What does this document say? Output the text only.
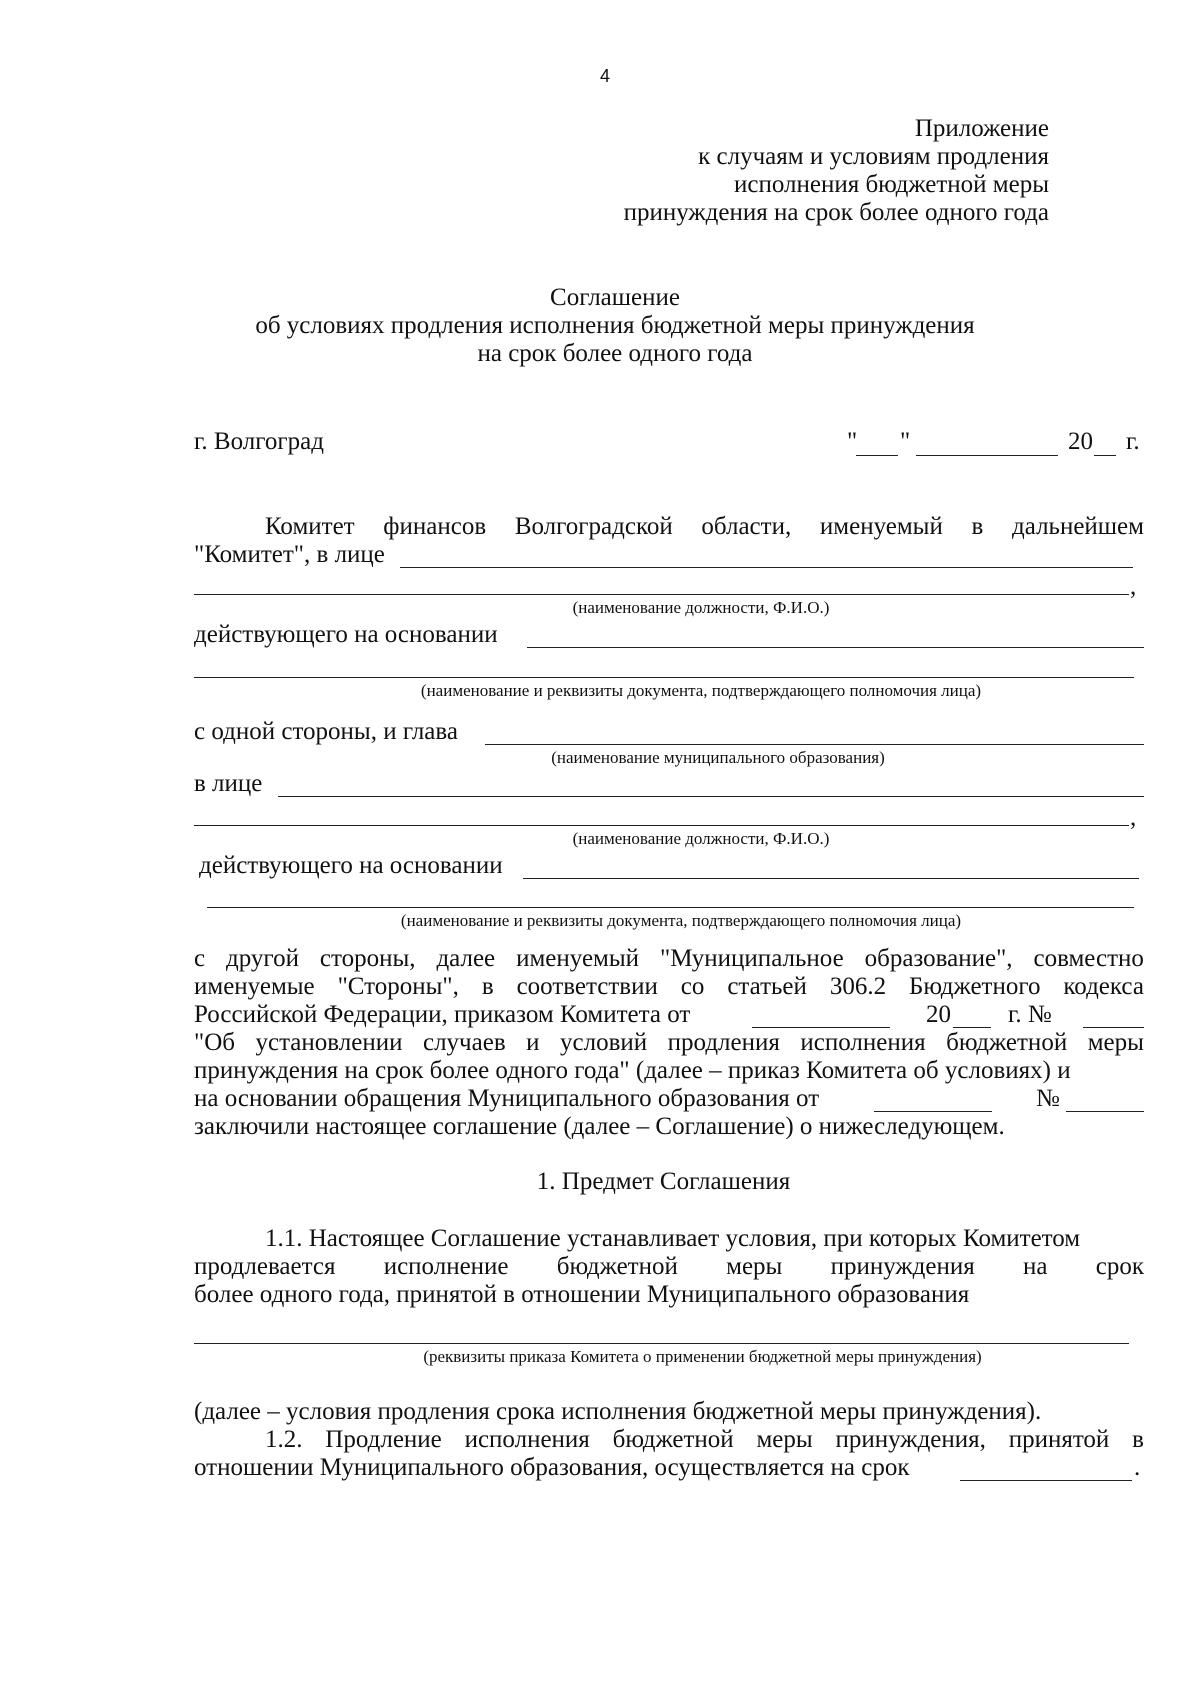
4
Приложение
к случаям и условиям продления
исполнения бюджетной меры
принуждения на срок более одного года
Соглашение
об условиях продления исполнения бюджетной меры принуждения
на срок более одного года
г. Волгоград	" "	20 г.
Комитет финансов Волгоградской области, именуемый в дальнейшем
"Комитет", в лице
,
(наименование должности, Ф.И.О.)
действующего на основании
(наименование и реквизиты документа, подтверждающего полномочия лица)
с одной стороны, и глава
(наименование муниципального образования)
в лице
,
(наименование должности, Ф.И.О.)
действующего на основании
(наименование и реквизиты документа, подтверждающего полномочия лица)
с другой стороны, далее именуемый "Муниципальное образование", совместно
именуемые "Стороны", в соответствии со статьей 306.2 Бюджетного кодекса
Российской Федерации, приказом Комитета от	20 г. №
"Об установлении случаев и условий продления исполнения бюджетной меры
принуждения на срок более одного года" (далее – приказ Комитета об условиях) и
на основании обращения Муниципального образования от	№
заключили настоящее соглашение (далее – Соглашение) о нижеследующем.
1. Предмет Соглашения
1.1. Настоящее Соглашение устанавливает условия, при которых Комитетом
продлевается исполнение бюджетной меры принуждения на срок
более одного года, принятой в отношении Муниципального образования
(реквизиты приказа Комитета о применении бюджетной меры принуждения)
(далее – условия продления срока исполнения бюджетной меры принуждения).
1.2. Продление исполнения бюджетной меры принуждения, принятой в
отношении Муниципального образования, осуществляется на срок	.
